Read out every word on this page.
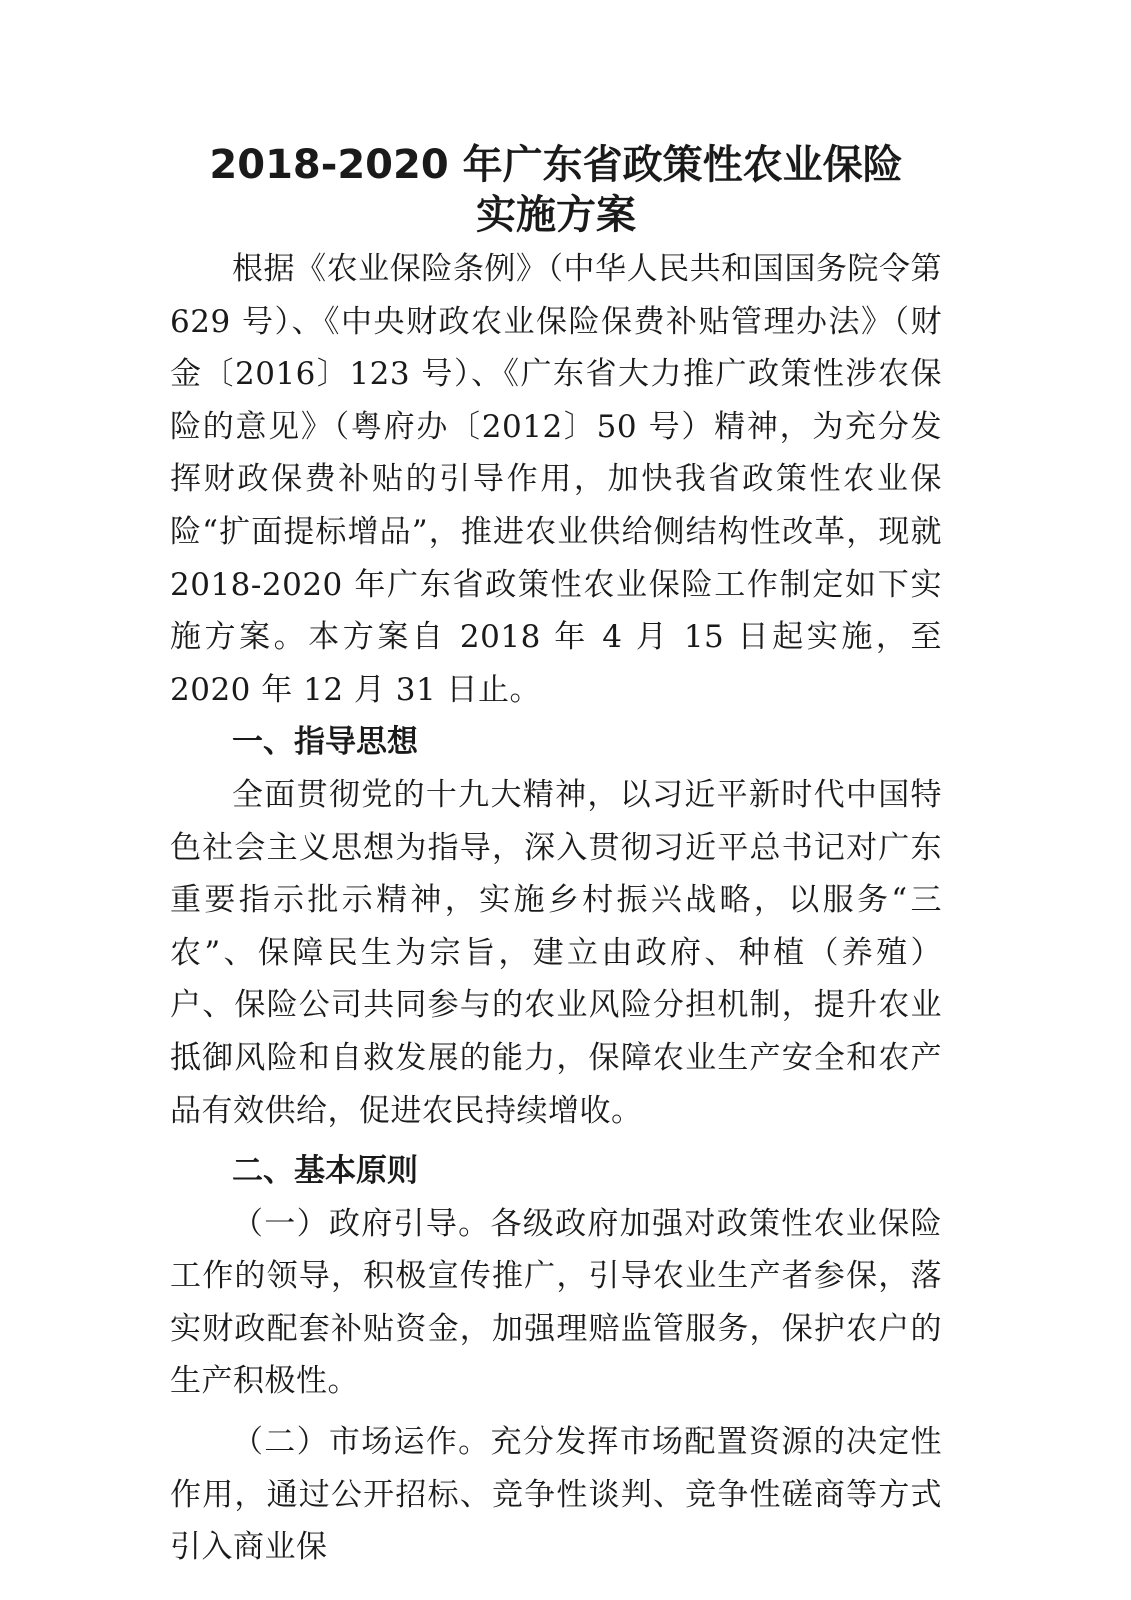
2018-2020 年广东省政策性农业保险
实施方案

根据《农业保险条例》（中华人民共和国国务院令第 629 号）、《中央财政农业保险保费补贴管理办法》（财金〔2016〕123 号）、《广东省大力推广政策性涉农保险的意见》（粤府办〔2012〕50 号）精神，为充分发挥财政保费补贴的引导作用，加快我省政策性农业保险“扩面提标增品”，推进农业供给侧结构性改革，现就 2018-2020 年广东省政策性农业保险工作制定如下实施方案。本方案自 2018 年 4 月 15 日起实施，至 2020 年 12 月 31 日止。

一、指导思想

全面贯彻党的十九大精神，以习近平新时代中国特色社会主义思想为指导，深入贯彻习近平总书记对广东重要指示批示精神，实施乡村振兴战略，以服务“三农”、保障民生为宗旨，建立由政府、种植（养殖）户、保险公司共同参与的农业风险分担机制，提升农业抵御风险和自救发展的能力，保障农业生产安全和农产品有效供给，促进农民持续增收。

二、基本原则

（一）政府引导。各级政府加强对政策性农业保险工作的领导，积极宣传推广，引导农业生产者参保，落实财政配套补贴资金，加强理赔监管服务，保护农户的生产积极性。

（二）市场运作。充分发挥市场配置资源的决定性作用，通过公开招标、竞争性谈判、竞争性磋商等方式引入商业保
